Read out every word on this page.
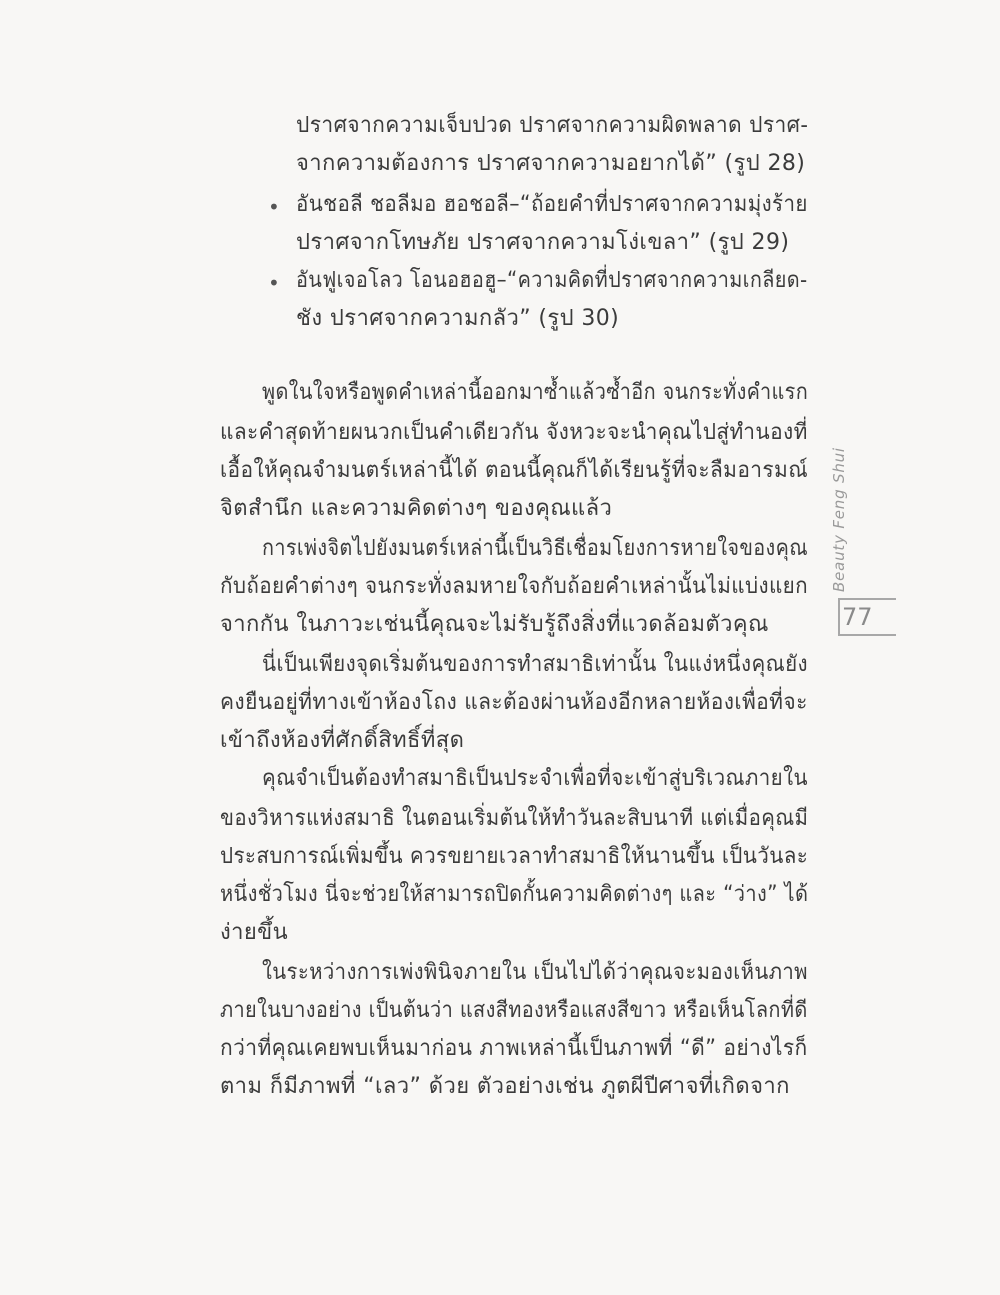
ปราศจากความเจ็บปวด ปราศจากความผิดพลาด ปราศ-
จากความต้องการ ปราศจากความอยากได้” (รูป 28)
• อันชอลี ชอลีมอ ฮอชอลี–“ถ้อยคำที่ปราศจากความมุ่งร้าย
ปราศจากโทษภัย ปราศจากความโง่เขลา” (รูป 29)
• อันฟูเจอโลว โอนอฮอฮู–“ความคิดที่ปราศจากความเกลียด-
ชัง ปราศจากความกลัว” (รูป 30)
พูดในใจหรือพูดคำเหล่านี้ออกมาซ้ำแล้วซ้ำอีก จนกระทั่งคำแรก
และคำสุดท้ายผนวกเป็นคำเดียวกัน จังหวะจะนำคุณไปสู่ทำนองที่
เอื้อให้คุณจำมนตร์เหล่านี้ได้ ตอนนี้คุณก็ได้เรียนรู้ที่จะลืมอารมณ์
จิตสำนึก และความคิดต่างๆ ของคุณแล้ว
การเพ่งจิตไปยังมนตร์เหล่านี้เป็นวิธีเชื่อมโยงการหายใจของคุณ
กับถ้อยคำต่างๆ จนกระทั่งลมหายใจกับถ้อยคำเหล่านั้นไม่แบ่งแยก
จากกัน ในภาวะเช่นนี้คุณจะไม่รับรู้ถึงสิ่งที่แวดล้อมตัวคุณ
นี่เป็นเพียงจุดเริ่มต้นของการทำสมาธิเท่านั้น ในแง่หนึ่งคุณยัง
คงยืนอยู่ที่ทางเข้าห้องโถง และต้องผ่านห้องอีกหลายห้องเพื่อที่จะ
เข้าถึงห้องที่ศักดิ์สิทธิ์ที่สุด
คุณจำเป็นต้องทำสมาธิเป็นประจำเพื่อที่จะเข้าสู่บริเวณภายใน
ของวิหารแห่งสมาธิ ในตอนเริ่มต้นให้ทำวันละสิบนาที แต่เมื่อคุณมี
ประสบการณ์เพิ่มขึ้น ควรขยายเวลาทำสมาธิให้นานขึ้น เป็นวันละ
หนึ่งชั่วโมง นี่จะช่วยให้สามารถปิดกั้นความคิดต่างๆ และ “ว่าง” ได้
ง่ายขึ้น
ในระหว่างการเพ่งพินิจภายใน เป็นไปได้ว่าคุณจะมองเห็นภาพ
ภายในบางอย่าง เป็นต้นว่า แสงสีทองหรือแสงสีขาว หรือเห็นโลกที่ดี
กว่าที่คุณเคยพบเห็นมาก่อน ภาพเหล่านี้เป็นภาพที่ “ดี” อย่างไรก็
ตาม ก็มีภาพที่ “เลว” ด้วย ตัวอย่างเช่น ภูตผีปีศาจที่เกิดจาก
Beauty Feng Shui
77
